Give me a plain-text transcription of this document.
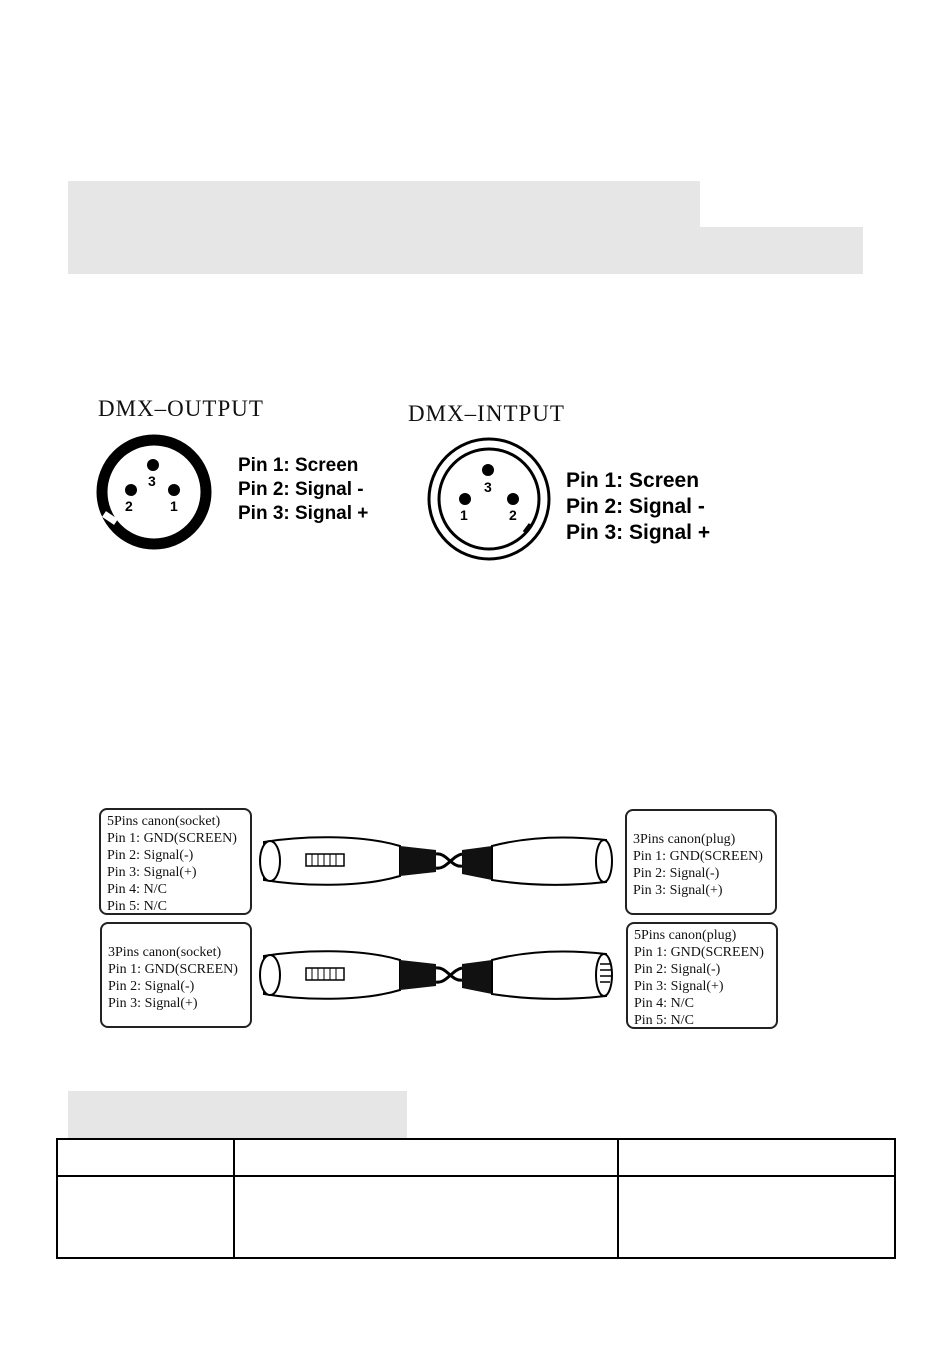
DMX–OUTPUT
3
2	1
Pin 1: Screen
Pin 2: Signal -
Pin 3: Signal +
DMX–INTPUT
3
1	2
Pin 1: Screen
Pin 2: Signal -
Pin 3: Signal +
5Pins canon(socket)
Pin 1: GND(SCREEN)
Pin 2: Signal(-)
Pin 3: Signal(+)
Pin 4: N/C
Pin 5: N/C
3Pins canon(plug)
Pin 1: GND(SCREEN)
Pin 2: Signal(-)
Pin 3: Signal(+)
3Pins canon(socket)
Pin 1: GND(SCREEN)
Pin 2: Signal(-)
Pin 3: Signal(+)
5Pins canon(plug)
Pin 1: GND(SCREEN)
Pin 2: Signal(-)
Pin 3: Signal(+)
Pin 4: N/C
Pin 5: N/C
